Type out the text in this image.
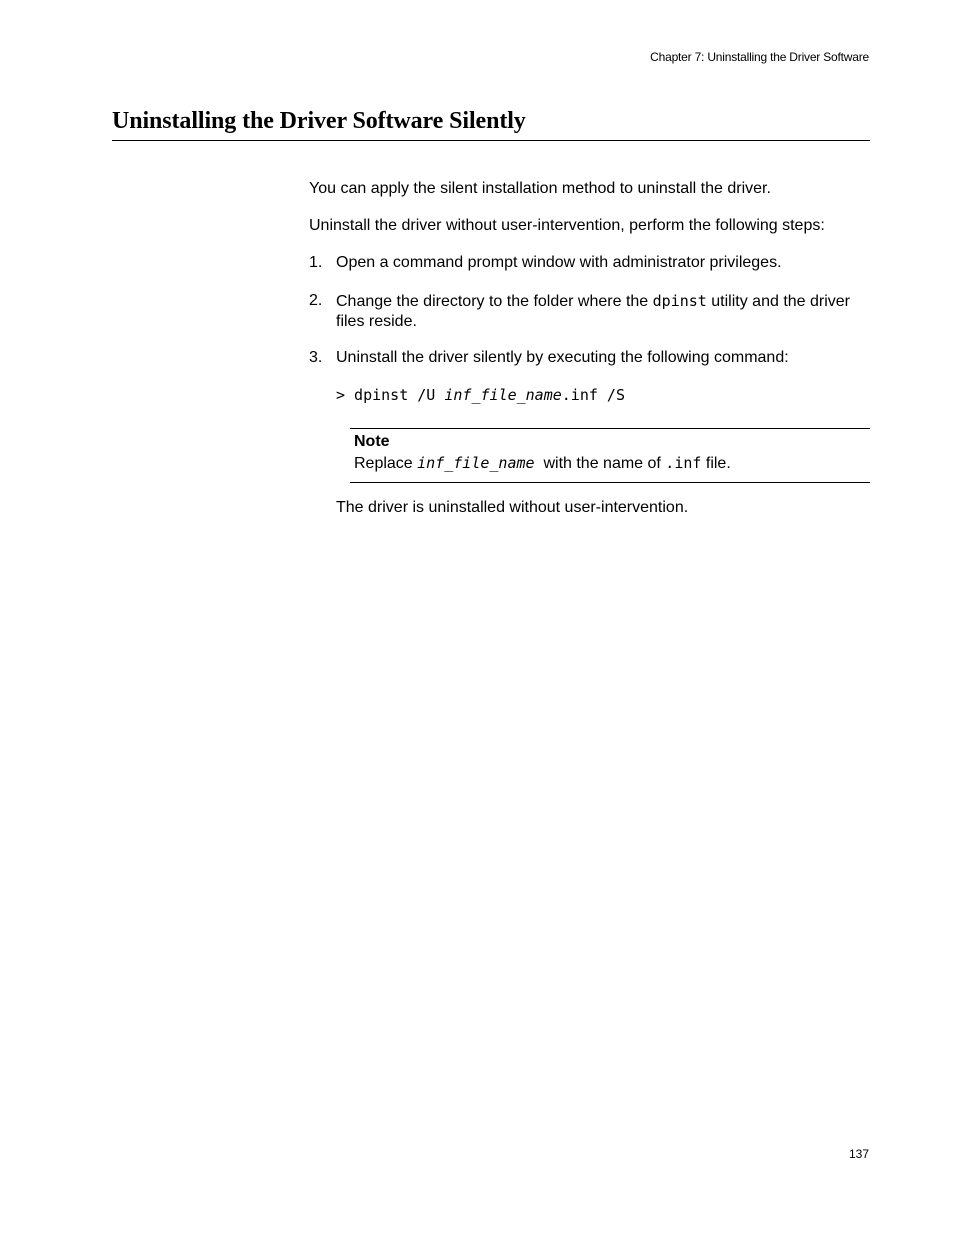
Chapter 7: Uninstalling the Driver Software
Uninstalling the Driver Software Silently
You can apply the silent installation method to uninstall the driver.
Uninstall the driver without user-intervention, perform the following steps:
1. Open a command prompt window with administrator privileges.
2. Change the directory to the folder where the dpinst utility and the driver files reside.
3. Uninstall the driver silently by executing the following command:
> dpinst /U inf_file_name.inf /S
Note
Replace inf_file_name  with the name of .inf file.
The driver is uninstalled without user-intervention.
137
